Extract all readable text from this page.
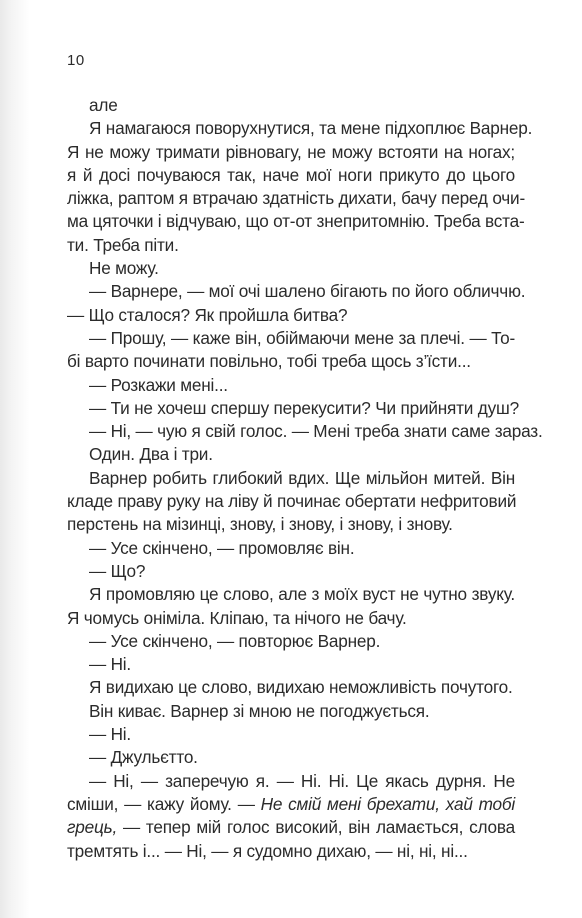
10
але
Я намагаюся поворухнутися, та мене підхоплює Варнер.
Я не можу тримати рівновагу, не можу встояти на ногах;
я й досі почуваюся так, наче мої ноги прикуто до цього
ліжка, раптом я втрачаю здатність дихати, бачу перед очи-
ма цяточки і відчуваю, що от-от знепритомнію. Треба вста-
ти. Треба піти.
Не можу.
— Варнере, — мої очі шалено бігають по його обличчю.
— Що сталося? Як пройшла битва?
— Прошу, — каже він, обіймаючи мене за плечі. — То-
бі варто починати повільно, тобі треба щось з’їсти...
— Розкажи мені...
— Ти не хочеш спершу перекусити? Чи прийняти душ?
— Ні, — чую я свій голос. — Мені треба знати саме зараз.
Один. Два і три.
Варнер робить глибокий вдих. Ще мільйон митей. Він
кладе праву руку на ліву й починає обертати нефритовий
перстень на мізинці, знову, і знову, і знову, і знову.
— Усе скінчено, — промовляє він.
— Що?
Я промовляю це слово, але з моїх вуст не чутно звуку.
Я чомусь оніміла. Кліпаю, та нічого не бачу.
— Усе скінчено, — повторює Варнер.
— Ні.
Я видихаю це слово, видихаю неможливість почутого.
Він киває. Варнер зі мною не погоджується.
— Ні.
— Джульєтто.
— Ні, — заперечую я. — Ні. Ні. Це якась дурня. Не
сміши, — кажу йому. — Не смій мені брехати, хай тобі
грець, — тепер мій голос високий, він ламається, слова
тремтять і... — Ні, — я судомно дихаю, — ні, ні, ні...
